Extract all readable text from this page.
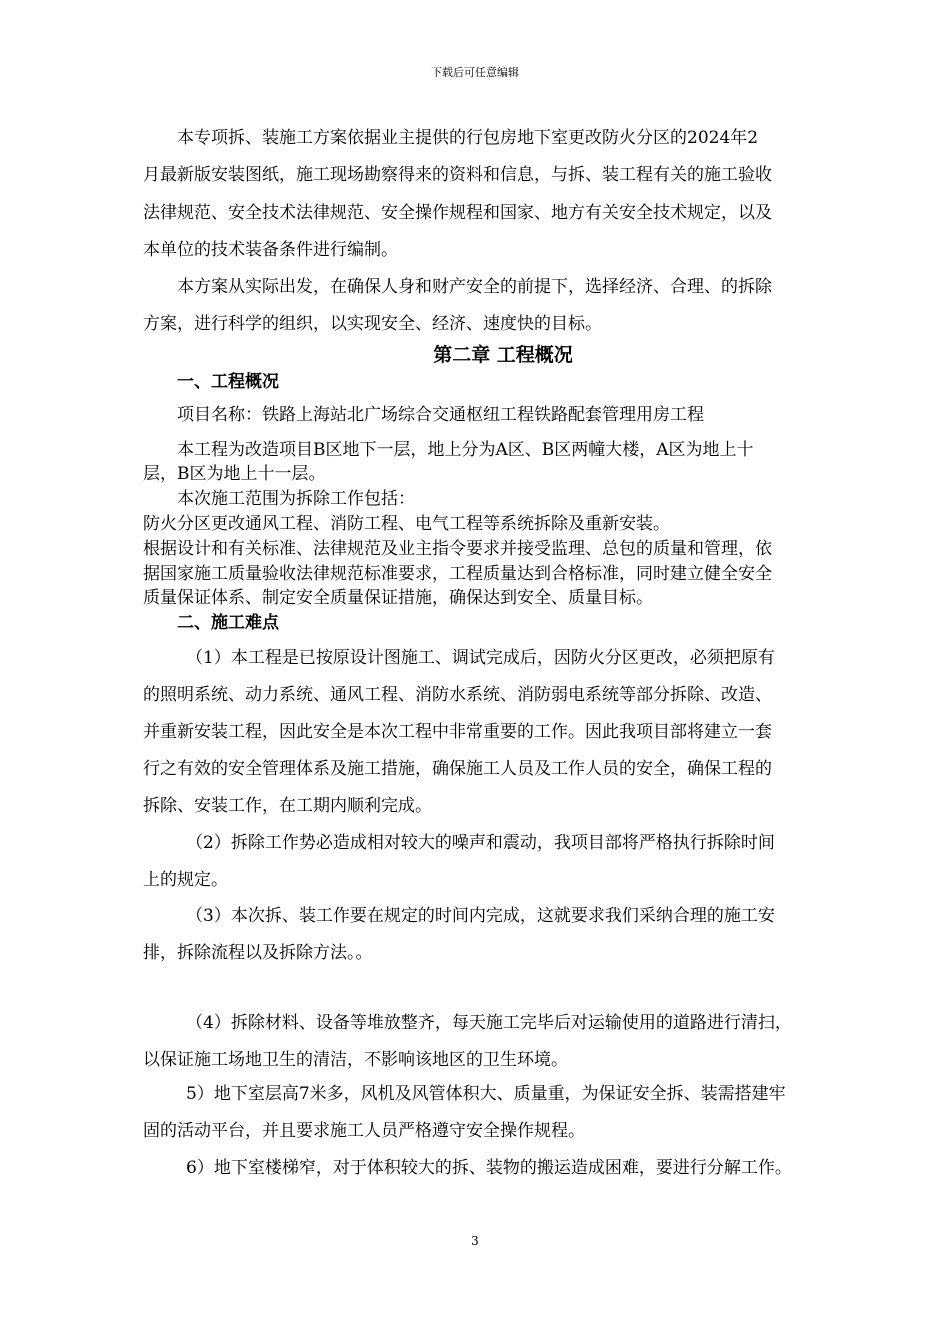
下载后可任意编辑
本专项拆、装施工方案依据业主提供的行包房地下室更改防火分区的2024年2
月最新版安装图纸，施工现场勘察得来的资料和信息，与拆、装工程有关的施工验收
法律规范、安全技术法律规范、安全操作规程和国家、地方有关安全技术规定，以及
本单位的技术装备条件进行编制。
本方案从实际出发，在确保人身和财产安全的前提下，选择经济、合理、的拆除
方案，进行科学的组织，以实现安全、经济、速度快的目标。
第二章 工程概况
一、工程概况
项目名称：铁路上海站北广场综合交通枢纽工程铁路配套管理用房工程
本工程为改造项目B区地下一层，地上分为A区、B区两幢大楼，A区为地上十
层，B区为地上十一层。
本次施工范围为拆除工作包括：
防火分区更改通风工程、消防工程、电气工程等系统拆除及重新安装。
根据设计和有关标准、法律规范及业主指令要求并接受监理、总包的质量和管理，依
据国家施工质量验收法律规范标准要求，工程质量达到合格标准，同时建立健全安全
质量保证体系、制定安全质量保证措施，确保达到安全、质量目标。
二、施工难点
（1）本工程是已按原设计图施工、调试完成后，因防火分区更改，必须把原有
的照明系统、动力系统、通风工程、消防水系统、消防弱电系统等部分拆除、改造、
并重新安装工程，因此安全是本次工程中非常重要的工作。因此我项目部将建立一套
行之有效的安全管理体系及施工措施，确保施工人员及工作人员的安全，确保工程的
拆除、安装工作，在工期内顺利完成。
（2）拆除工作势必造成相对较大的噪声和震动，我项目部将严格执行拆除时间
上的规定。
（3）本次拆、装工作要在规定的时间内完成，这就要求我们采纳合理的施工安
排，拆除流程以及拆除方法。。
（4）拆除材料、设备等堆放整齐，每天施工完毕后对运输使用的道路进行清扫，
以保证施工场地卫生的清洁，不影响该地区的卫生环境。
5）地下室层高7米多，风机及风管体积大、质量重，为保证安全拆、装需搭建牢
固的活动平台，并且要求施工人员严格遵守安全操作规程。
6）地下室楼梯窄，对于体积较大的拆、装物的搬运造成困难，要进行分解工作。
3
